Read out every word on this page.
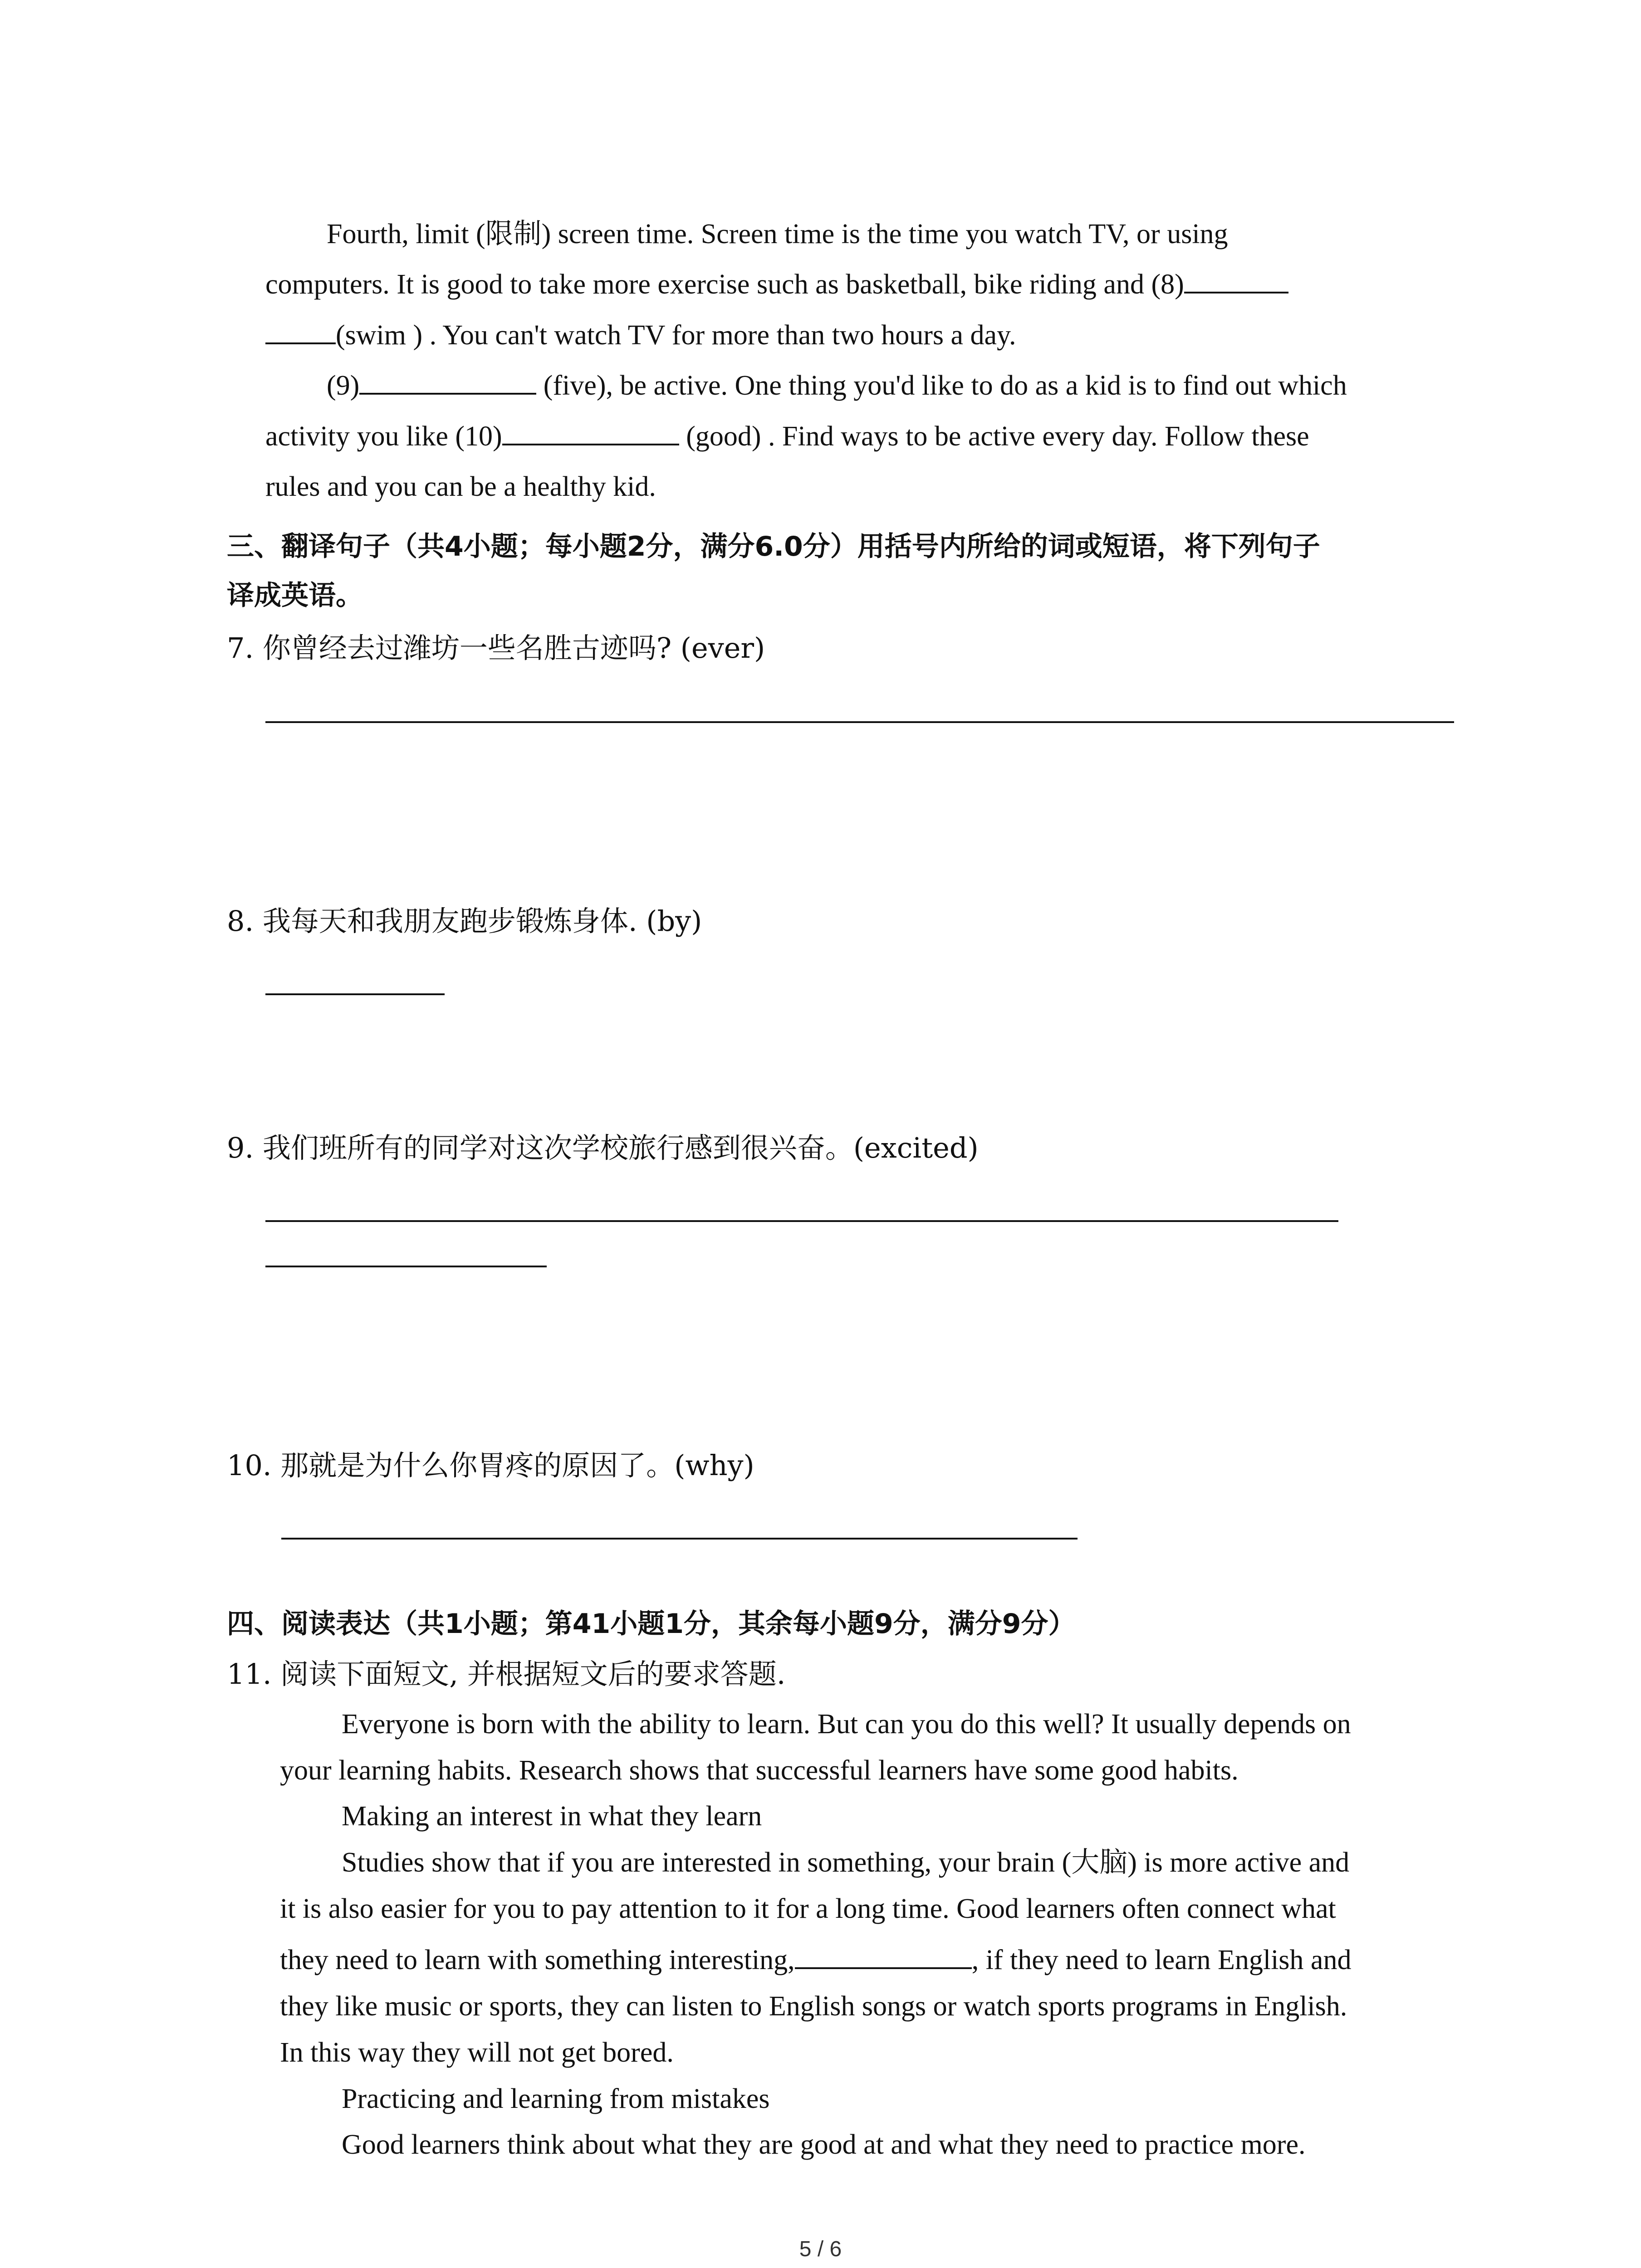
Fourth, limit (限制) screen time. Screen time is the time you watch TV, or using
computers. It is good to take more exercise such as basketball, bike riding and (8)
(swim ) . You can't watch TV for more than two hours a day.
(9)	(five), be active. One thing you'd like to do as a kid is to find out which
activity you like (10)	(good) . Find ways to be active every day. Follow these
rules and you can be a healthy kid.
三、翻译句子（共4小题；每小题2分，满分6.0分）用括号内所给的词或短语，将下列句子
译成英语。
7. 你曾经去过潍坊一些名胜古迹吗? (ever)
8. 我每天和我朋友跑步锻炼身体. (by)
9. 我们班所有的同学对这次学校旅行感到很兴奋。(excited)
10. 那就是为什么你胃疼的原因了。(why)
四、阅读表达（共1小题；第41小题1分，其余每小题9分，满分9分）
11. 阅读下面短文, 并根据短文后的要求答题.
Everyone is born with the ability to learn. But can you do this well? It usually depends on
your learning habits. Research shows that successful learners have some good habits.
Making an interest in what they learn
Studies show that if you are interested in something, your brain (大脑) is more active and
it is also easier for you to pay attention to it for a long time. Good learners often connect what
they need to learn with something interesting,	, if they need to learn English and
they like music or sports, they can listen to English songs or watch sports programs in English.
In this way they will not get bored.
Practicing and learning from mistakes
Good learners think about what they are good at and what they need to practice more.
5 / 6
